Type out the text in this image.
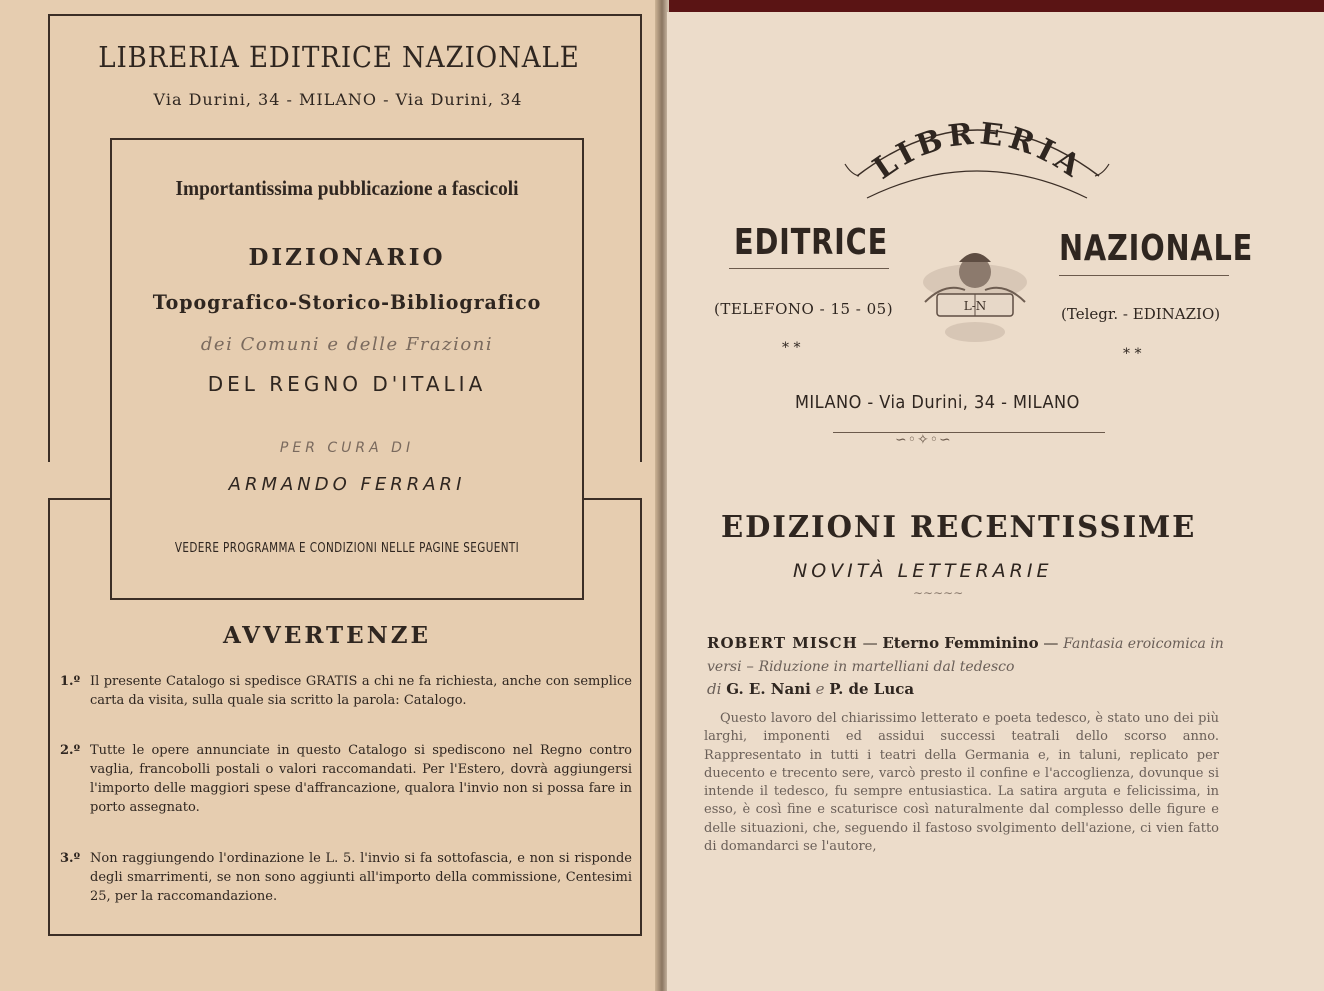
LIBRERIA EDITRICE NAZIONALE
Via Durini, 34 - MILANO - Via Durini, 34
Importantissima pubblicazione a fascicoli
DIZIONARIO
Topografico-Storico-Bibliografico
dei Comuni e delle Frazioni
DEL REGNO D'ITALIA
PER CURA DI
ARMANDO FERRARI
VEDERE PROGRAMMA E CONDIZIONI NELLE PAGINE SEGUENTI
AVVERTENZE
1.º Il presente Catalogo si spedisce GRATIS a chi ne fa richiesta, anche con semplice carta da visita, sulla quale sia scritto la parola: Catalogo.
2.º Tutte le opere annunciate in questo Catalogo si spediscono nel Regno contro vaglia, francobolli postali o valori raccomandati. Per l'Estero, dovrà aggiungersi l'importo delle maggiori spese d'affrancazione, qualora l'invio non si possa fare in porto assegnato.
3.º Non raggiungendo l'ordinazione le L. 5. l'invio si fa sottofascia, e non si risponde degli smarrimenti, se non sono aggiunti all'importo della commissione, Centesimi 25, per la raccomandazione.
LIBRERIA
EDITRICE	NAZIONALE
L-N
(TELEFONO - 15 - 05)	(Telegr. - EDINAZIO)
* *	* *
MILANO - Via Durini, 34 - MILANO
∽◦✧◦∽
EDIZIONI RECENTISSIME
NOVITÀ LETTERARIE
∼∼∼∼∼
ROBERT MISCH — Eterno Femminino — Fantasia eroicomica in versi – Riduzione in martelliani dal tedesco
di G. E. Nani e P. de Luca
Questo lavoro del chiarissimo letterato e poeta tedesco, è stato uno dei più larghi, imponenti ed assidui successi teatrali dello scorso anno. Rappresentato in tutti i teatri della Germania e, in taluni, replicato per duecento e trecento sere, varcò presto il confine e l'accoglienza, dovunque si intende il tedesco, fu sempre entusiastica. La satira arguta e felicissima, in esso, è così fine e scaturisce così naturalmente dal complesso delle figure e delle situazioni, che, seguendo il fastoso svolgimento dell'azione, ci vien fatto di domandarci se l'autore,
